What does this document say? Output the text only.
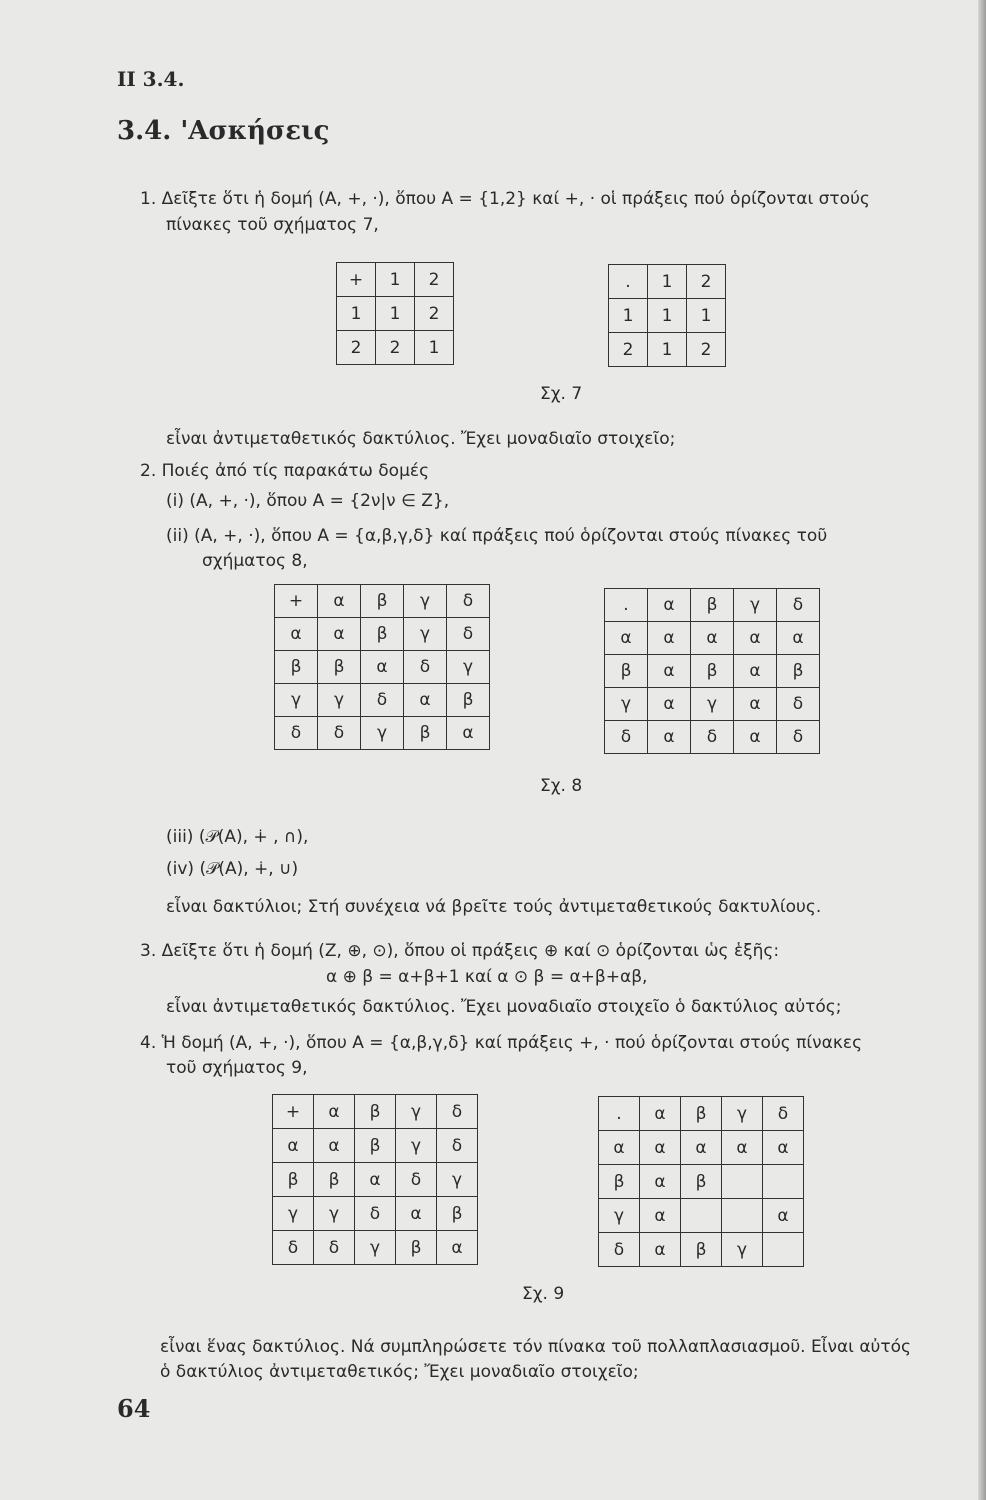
II 3.4.
3.4. 'Ασκήσεις
1. Δεῖξτε ὅτι ἡ δομή (A, +, ·), ὅπου A = {1,2} καί +, · οἱ πράξεις πού ὁρίζονται στούς
πίνακες τοῦ σχήματος 7,
+	1	2
1	1	2
2	2	1
.	1	2
1	1	1
2	1	2
Σχ. 7
εἶναι ἀντιμεταθετικός δακτύλιος. Ἔχει μοναδιαῖο στοιχεῖο;
2. Ποιές ἀπό τίς παρακάτω δομές
(i) (A, +, ·), ὅπου A = {2ν|ν ∈ Z},
(ii) (A, +, ·), ὅπου A = {α,β,γ,δ} καί πράξεις πού ὁρίζονται στούς πίνακες τοῦ
σχήματος 8,
+	α	β	γ	δ
α	α	β	γ	δ
β	β	α	δ	γ
γ	γ	δ	α	β
δ	δ	γ	β	α
.	α	β	γ	δ
α	α	α	α	α
β	α	β	α	β
γ	α	γ	α	δ
δ	α	δ	α	δ
Σχ. 8
(iii) (𝒫(A), ∔ , ∩),
(iv) (𝒫(A), ∔, ∪)
εἶναι δακτύλιοι; Στή συνέχεια νά βρεῖτε τούς ἀντιμεταθετικούς δακτυλίους.
3. Δεῖξτε ὅτι ἡ δομή (Z, ⊕, ⊙), ὅπου οἱ πράξεις ⊕ καί ⊙ ὁρίζονται ὡς ἑξῆς:
α ⊕ β = α+β+1 καί α ⊙ β = α+β+αβ,
εἶναι ἀντιμεταθετικός δακτύλιος. Ἔχει μοναδιαῖο στοιχεῖο ὁ δακτύλιος αὐτός;
4. Ἡ δομή (A, +, ·), ὅπου A = {α,β,γ,δ} καί πράξεις +, · πού ὁρίζονται στούς πίνακες
τοῦ σχήματος 9,
+	α	β	γ	δ
α	α	β	γ	δ
β	β	α	δ	γ
γ	γ	δ	α	β
δ	δ	γ	β	α
.	α	β	γ	δ
α	α	α	α	α
β	α	β		
γ	α			α
δ	α	β	γ	
Σχ. 9
εἶναι ἕνας δακτύλιος. Νά συμπληρώσετε τόν πίνακα τοῦ πολλαπλασιασμοῦ. Εἶναι αὐτός
ὁ δακτύλιος ἀντιμεταθετικός; Ἔχει μοναδιαῖο στοιχεῖο;
64
